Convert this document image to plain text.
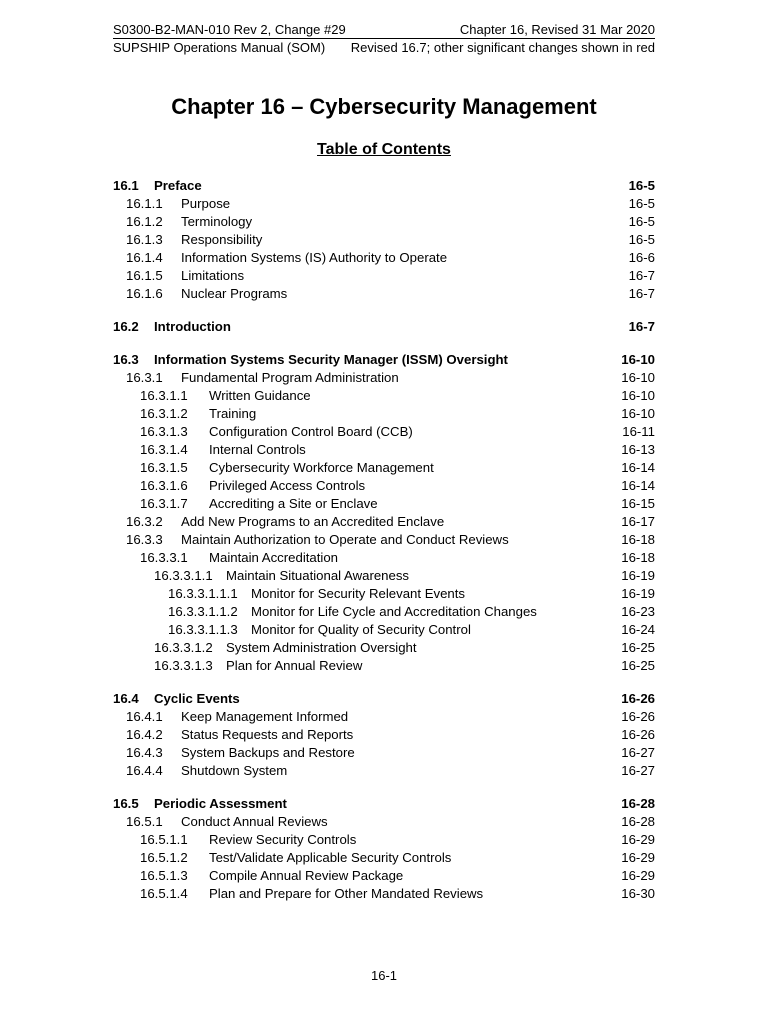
S0300-B2-MAN-010 Rev 2, Change #29	Chapter 16, Revised 31 Mar 2020
SUPSHIP Operations Manual (SOM) Revised 16.7; other significant changes shown in red
Chapter 16 – Cybersecurity Management
Table of Contents
16.1 Preface	16-5
16.1.1 Purpose	16-5
16.1.2 Terminology	16-5
16.1.3 Responsibility	16-5
16.1.4 Information Systems (IS) Authority to Operate	16-6
16.1.5 Limitations	16-7
16.1.6 Nuclear Programs	16-7
16.2 Introduction	16-7
16.3 Information Systems Security Manager (ISSM) Oversight	16-10
16.3.1 Fundamental Program Administration	16-10
16.3.1.1 Written Guidance	16-10
16.3.1.2 Training	16-10
16.3.1.3 Configuration Control Board (CCB)	16-11
16.3.1.4 Internal Controls	16-13
16.3.1.5 Cybersecurity Workforce Management	16-14
16.3.1.6 Privileged Access Controls	16-14
16.3.1.7 Accrediting a Site or Enclave	16-15
16.3.2 Add New Programs to an Accredited Enclave	16-17
16.3.3 Maintain Authorization to Operate and Conduct Reviews	16-18
16.3.3.1 Maintain Accreditation	16-18
16.3.3.1.1 Maintain Situational Awareness	16-19
16.3.3.1.1.1 Monitor for Security Relevant Events	16-19
16.3.3.1.1.2 Monitor for Life Cycle and Accreditation Changes	16-23
16.3.3.1.1.3 Monitor for Quality of Security Control	16-24
16.3.3.1.2 System Administration Oversight	16-25
16.3.3.1.3 Plan for Annual Review	16-25
16.4 Cyclic Events	16-26
16.4.1 Keep Management Informed	16-26
16.4.2 Status Requests and Reports	16-26
16.4.3 System Backups and Restore	16-27
16.4.4 Shutdown System	16-27
16.5 Periodic Assessment	16-28
16.5.1 Conduct Annual Reviews	16-28
16.5.1.1 Review Security Controls	16-29
16.5.1.2 Test/Validate Applicable Security Controls	16-29
16.5.1.3 Compile Annual Review Package	16-29
16.5.1.4 Plan and Prepare for Other Mandated Reviews	16-30
16-1
